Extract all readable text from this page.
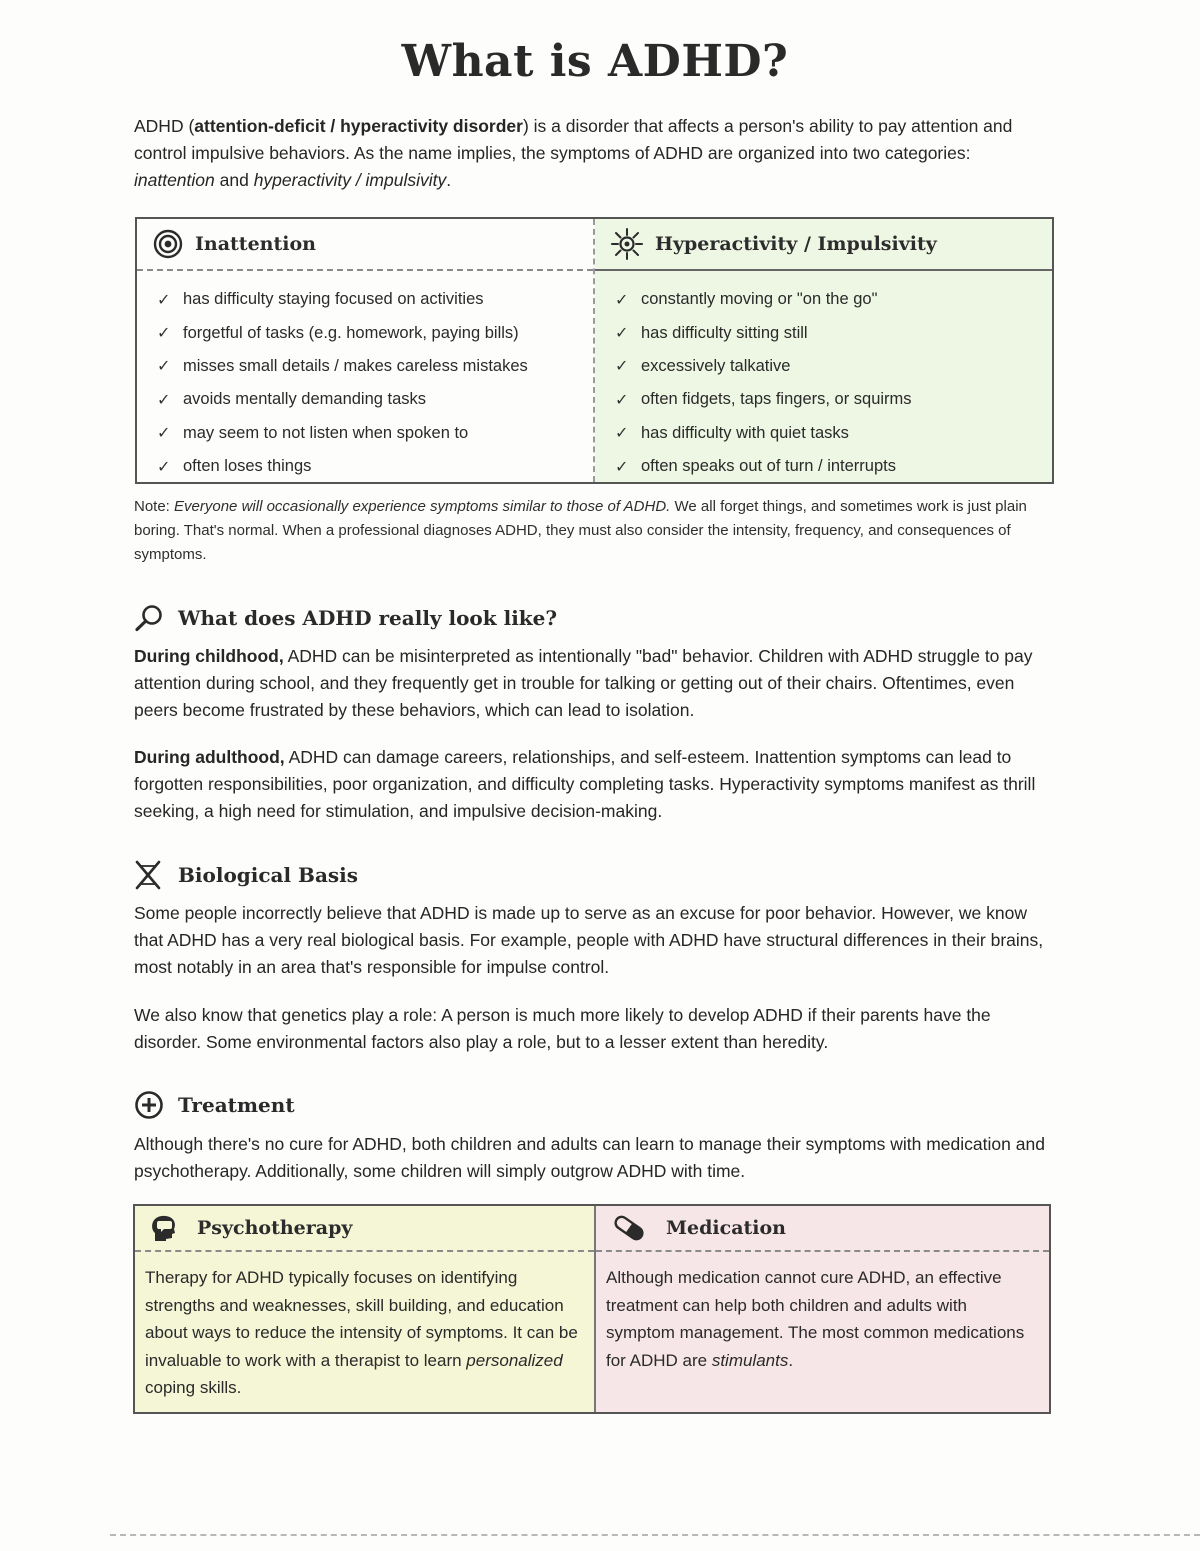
What is ADHD?

ADHD (attention-deficit / hyperactivity disorder) is a disorder that affects a person's ability to pay attention and control impulsive behaviors. As the name implies, the symptoms of ADHD are organized into two categories: inattention and hyperactivity / impulsivity.

Inattention
✓ has difficulty staying focused on activities
✓ forgetful of tasks (e.g. homework, paying bills)
✓ misses small details / makes careless mistakes
✓ avoids mentally demanding tasks
✓ may seem to not listen when spoken to
✓ often loses things
Hyperactivity / Impulsivity
✓ constantly moving or "on the go"
✓ has difficulty sitting still
✓ excessively talkative
✓ often fidgets, taps fingers, or squirms
✓ has difficulty with quiet tasks
✓ often speaks out of turn / interrupts

Note: Everyone will occasionally experience symptoms similar to those of ADHD. We all forget things, and sometimes work is just plain boring. That's normal. When a professional diagnoses ADHD, they must also consider the intensity, frequency, and consequences of symptoms.

What does ADHD really look like?

During childhood, ADHD can be misinterpreted as intentionally "bad" behavior. Children with ADHD struggle to pay attention during school, and they frequently get in trouble for talking or getting out of their chairs. Oftentimes, even peers become frustrated by these behaviors, which can lead to isolation.

During adulthood, ADHD can damage careers, relationships, and self-esteem. Inattention symptoms can lead to forgotten responsibilities, poor organization, and difficulty completing tasks. Hyperactivity symptoms manifest as thrill seeking, a high need for stimulation, and impulsive decision-making.

Biological Basis

Some people incorrectly believe that ADHD is made up to serve as an excuse for poor behavior. However, we know that ADHD has a very real biological basis. For example, people with ADHD have structural differences in their brains, most notably in an area that's responsible for impulse control.

We also know that genetics play a role: A person is much more likely to develop ADHD if their parents have the disorder. Some environmental factors also play a role, but to a lesser extent than heredity.

Treatment

Although there's no cure for ADHD, both children and adults can learn to manage their symptoms with medication and psychotherapy. Additionally, some children will simply outgrow ADHD with time.

Psychotherapy
Therapy for ADHD typically focuses on identifying strengths and weaknesses, skill building, and education about ways to reduce the intensity of symptoms. It can be invaluable to work with a therapist to learn personalized coping skills.
Medication
Although medication cannot cure ADHD, an effective treatment can help both children and adults with symptom management. The most common medications for ADHD are stimulants.
